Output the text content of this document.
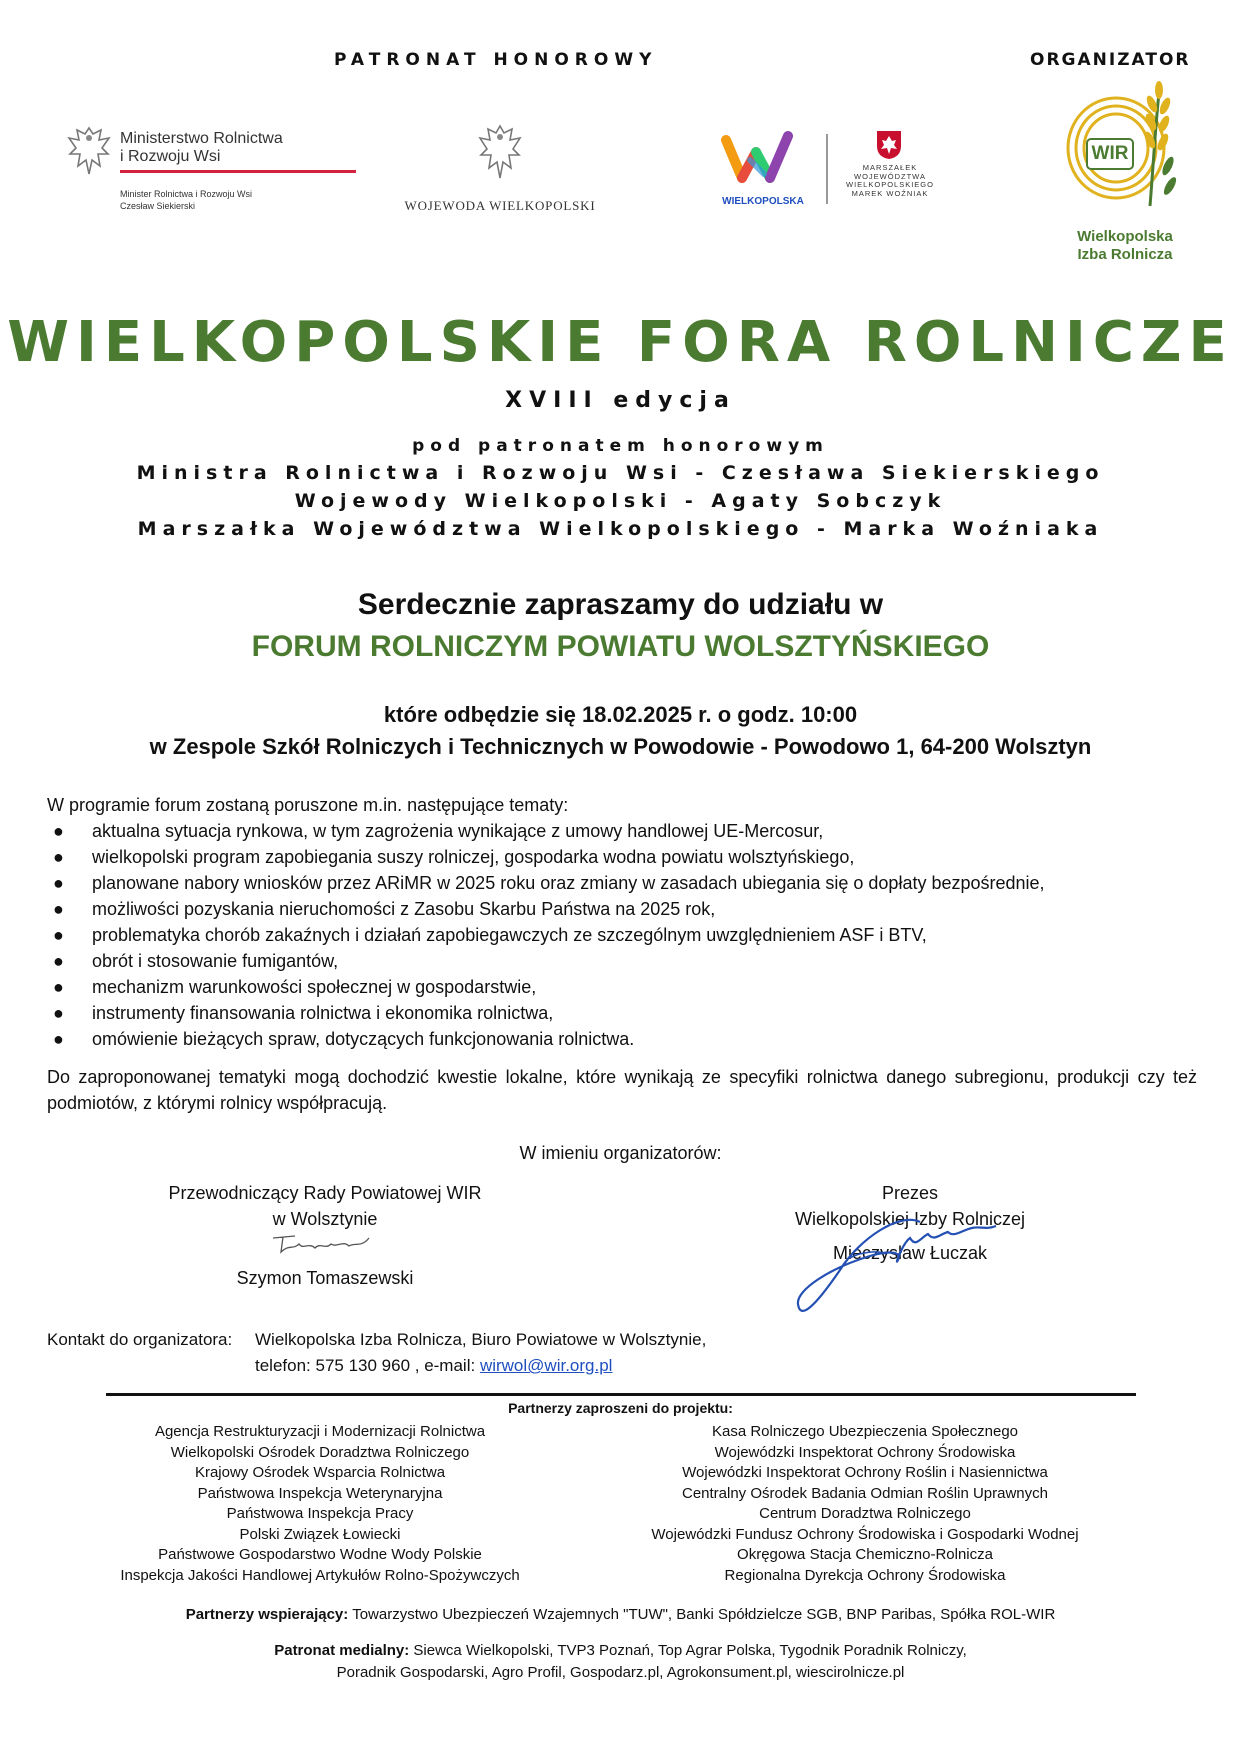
PATRONAT HONOROWY	ORGANIZATOR
Ministerstwo Rolnictwa
i Rozwoju Wsi
Minister Rolnictwa i Rozwoju Wsi
Czesław Siekierski	WOJEWODA WIELKOPOLSKI	WIELKOPOLSKA
MARSZAŁEK
WOJEWÓDZTWA
WIELKOPOLSKIEGO
MAREK WOŹNIAK
WIR
Wielkopolska
Izba Rolnicza
WIELKOPOLSKIE FORA ROLNICZE
XVIII edycja
pod patronatem honorowym
Ministra Rolnictwa i Rozwoju Wsi - Czesława Siekierskiego
Wojewody Wielkopolski - Agaty Sobczyk
Marszałka Województwa Wielkopolskiego - Marka Woźniaka
Serdecznie zapraszamy do udziału w
FORUM ROLNICZYM POWIATU WOLSZTYŃSKIEGO
które odbędzie się 18.02.2025 r. o godz. 10:00
w Zespole Szkół Rolniczych i Technicznych w Powodowie - Powodowo 1, 64-200 Wolsztyn
W programie forum zostaną poruszone m.in. następujące tematy:
● aktualna sytuacja rynkowa, w tym zagrożenia wynikające z umowy handlowej UE-Mercosur,
● wielkopolski program zapobiegania suszy rolniczej, gospodarka wodna powiatu wolsztyńskiego,
● planowane nabory wniosków przez ARiMR w 2025 roku oraz zmiany w zasadach ubiegania się o dopłaty bezpośrednie,
● możliwości pozyskania nieruchomości z Zasobu Skarbu Państwa na 2025 rok,
● problematyka chorób zakaźnych i działań zapobiegawczych ze szczególnym uwzględnieniem ASF i BTV,
● obrót i stosowanie fumigantów,
● mechanizm warunkowości społecznej w gospodarstwie,
● instrumenty finansowania rolnictwa i ekonomika rolnictwa,
● omówienie bieżących spraw, dotyczących funkcjonowania rolnictwa.
Do zaproponowanej tematyki mogą dochodzić kwestie lokalne, które wynikają ze specyfiki rolnictwa danego subregionu, produkcji czy też podmiotów, z którymi rolnicy współpracują.
W imieniu organizatorów:
Przewodniczący Rady Powiatowej WIR
w Wolsztynie
Szymon Tomaszewski
Prezes
Wielkopolskiej Izby Rolniczej
Mieczysław Łuczak
Kontakt do organizatora: Wielkopolska Izba Rolnicza, Biuro Powiatowe w Wolsztynie,
telefon: 575 130 960 , e-mail: wirwol@wir.org.pl
Partnerzy zaproszeni do projektu:
Agencja Restrukturyzacji i Modernizacji Rolnictwa
Wielkopolski Ośrodek Doradztwa Rolniczego
Krajowy Ośrodek Wsparcia Rolnictwa
Państwowa Inspekcja Weterynaryjna
Państwowa Inspekcja Pracy
Polski Związek Łowiecki
Państwowe Gospodarstwo Wodne Wody Polskie
Inspekcja Jakości Handlowej Artykułów Rolno-Spożywczych
Kasa Rolniczego Ubezpieczenia Społecznego
Wojewódzki Inspektorat Ochrony Środowiska
Wojewódzki Inspektorat Ochrony Roślin i Nasiennictwa
Centralny Ośrodek Badania Odmian Roślin Uprawnych
Centrum Doradztwa Rolniczego
Wojewódzki Fundusz Ochrony Środowiska i Gospodarki Wodnej
Okręgowa Stacja Chemiczno-Rolnicza
Regionalna Dyrekcja Ochrony Środowiska
Partnerzy wspierający: Towarzystwo Ubezpieczeń Wzajemnych "TUW", Banki Spółdzielcze SGB, BNP Paribas, Spółka ROL-WIR
Patronat medialny: Siewca Wielkopolski, TVP3 Poznań, Top Agrar Polska, Tygodnik Poradnik Rolniczy,
Poradnik Gospodarski, Agro Profil, Gospodarz.pl, Agrokonsument.pl, wiescirolnicze.pl
